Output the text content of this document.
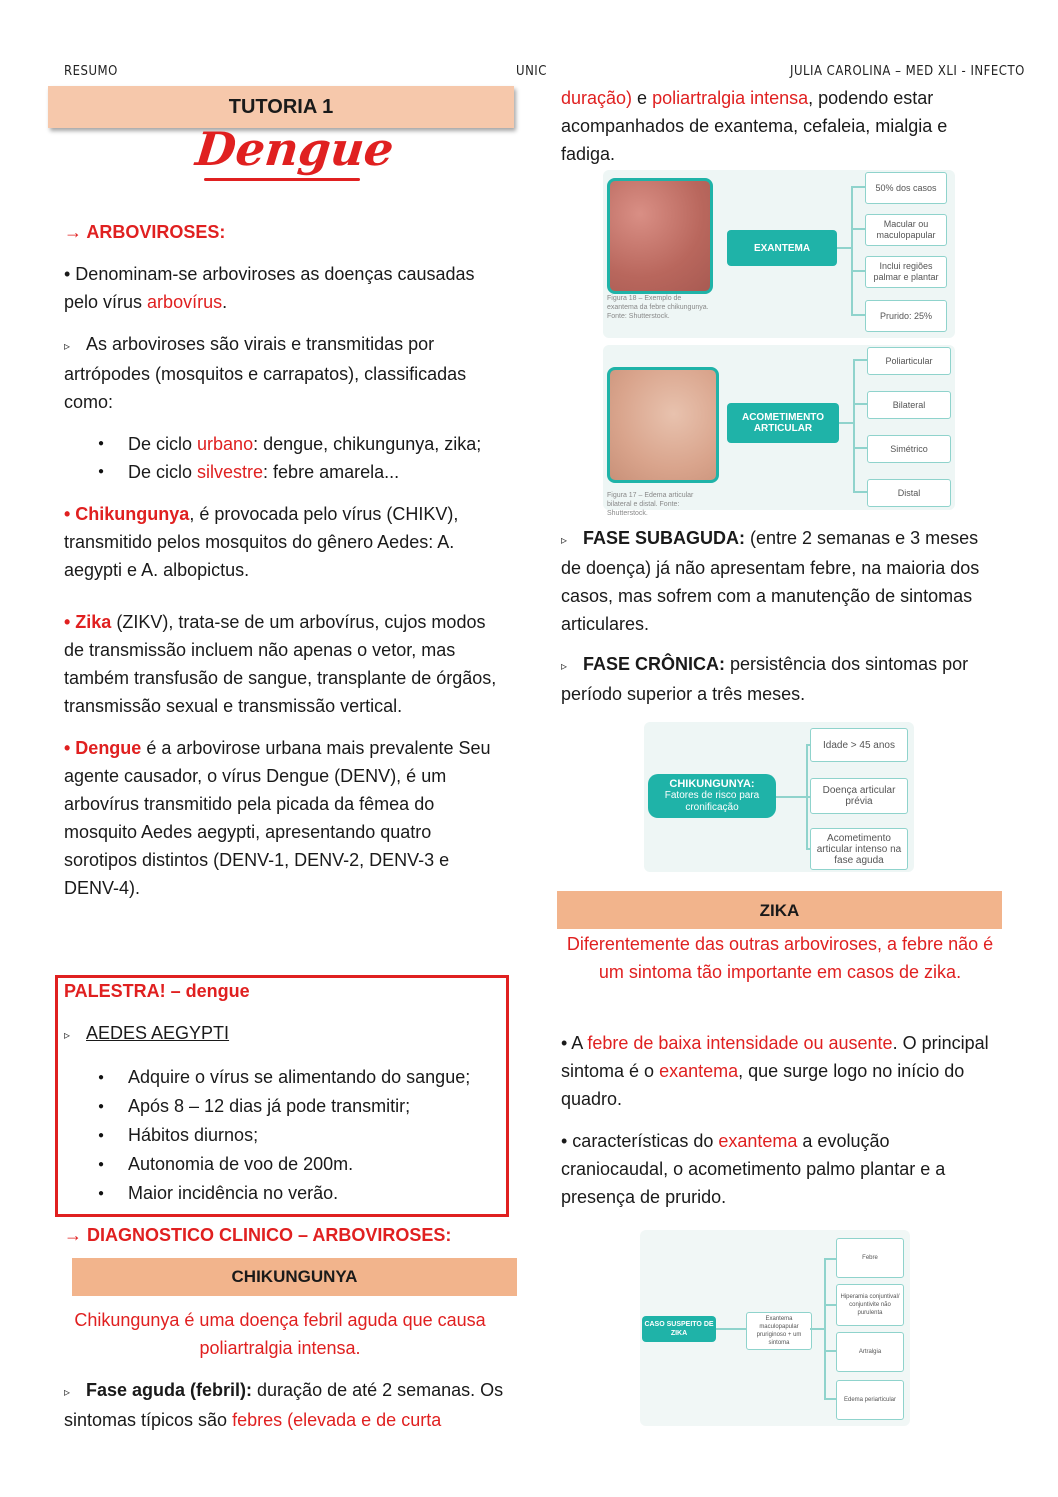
RESUMO	UNIC	JULIA CAROLINA – MED XLI - INFECTO
TUTORIA 1
Dengue

→ ARBOVIROSES:

• Denominam-se arboviroses as doenças causadas pelo vírus arbovírus.

▹ As arboviroses são virais e transmitidas por artrópodes (mosquitos e carrapatos), classificadas como:

● De ciclo urbano: dengue, chikungunya, zika;
● De ciclo silvestre: febre amarela...

• Chikungunya, é provocada pelo vírus (CHIKV), transmitido pelos mosquitos do gênero Aedes: A. aegypti e A. albopictus.

• Zika (ZIKV), trata-se de um arbovírus, cujos modos de transmissão incluem não apenas o vetor, mas também transfusão de sangue, transplante de órgãos, transmissão sexual e transmissão vertical.

• Dengue é a arbovirose urbana mais prevalente Seu agente causador, o vírus Dengue (DENV), é um arbovírus transmitido pela picada da fêmea do mosquito Aedes aegypti, apresentando quatro sorotipos distintos (DENV-1, DENV-2, DENV-3 e DENV-4).

PALESTRA! – dengue

▹ AEDES AEGYPTI

● Adquire o vírus se alimentando do sangue;
● Após 8 – 12 dias já pode transmitir;
● Hábitos diurnos;
● Autonomia de voo de 200m.
● Maior incidência no verão.
→ DIAGNOSTICO CLINICO – ARBOVIROSES:
CHIKUNGUNYA
Chikungunya é uma doença febril aguda que causa poliartralgia intensa.

▹ Fase aguda (febril): duração de até 2 semanas. Os sintomas típicos são febres (elevada e de curta

duração) e poliartralgia intensa, podendo estar acompanhados de exantema, cefaleia, mialgia e fadiga.

Figura 18 – Exemplo de exantema da febre chikungunya. Fonte: Shutterstock.
EXANTEMA
50% dos casos
Macular ou maculopapular
Inclui regiões palmar e plantar
Prurido: 25%
Figura 17 – Edema articular bilateral e distal. Fonte: Shutterstock.
ACOMETIMENTO ARTICULAR
Poliarticular
Bilateral
Simétrico
Distal

▹ FASE SUBAGUDA: (entre 2 semanas e 3 meses de doença) já não apresentam febre, na maioria dos casos, mas sofrem com a manutenção de sintomas articulares.

▹ FASE CRÔNICA: persistência dos sintomas por período superior a três meses.

CHIKUNGUNYA:
Fatores de risco para cronificação
Idade > 45 anos
Doença articular prévia
Acometimento articular intenso na fase aguda
ZIKA
Diferentemente das outras arboviroses, a febre não é um sintoma tão importante em casos de zika.

• A febre de baixa intensidade ou ausente. O principal sintoma é o exantema, que surge logo no início do quadro.

• características do exantema a evolução craniocaudal, o acometimento palmo plantar e a presença de prurido.

CASO SUSPEITO DE ZIKA
Exantema maculopapular pruriginoso + um sintoma
Febre
Hiperamia conjuntival/ conjuntivite não purulenta
Artralgia
Edema periarticular
